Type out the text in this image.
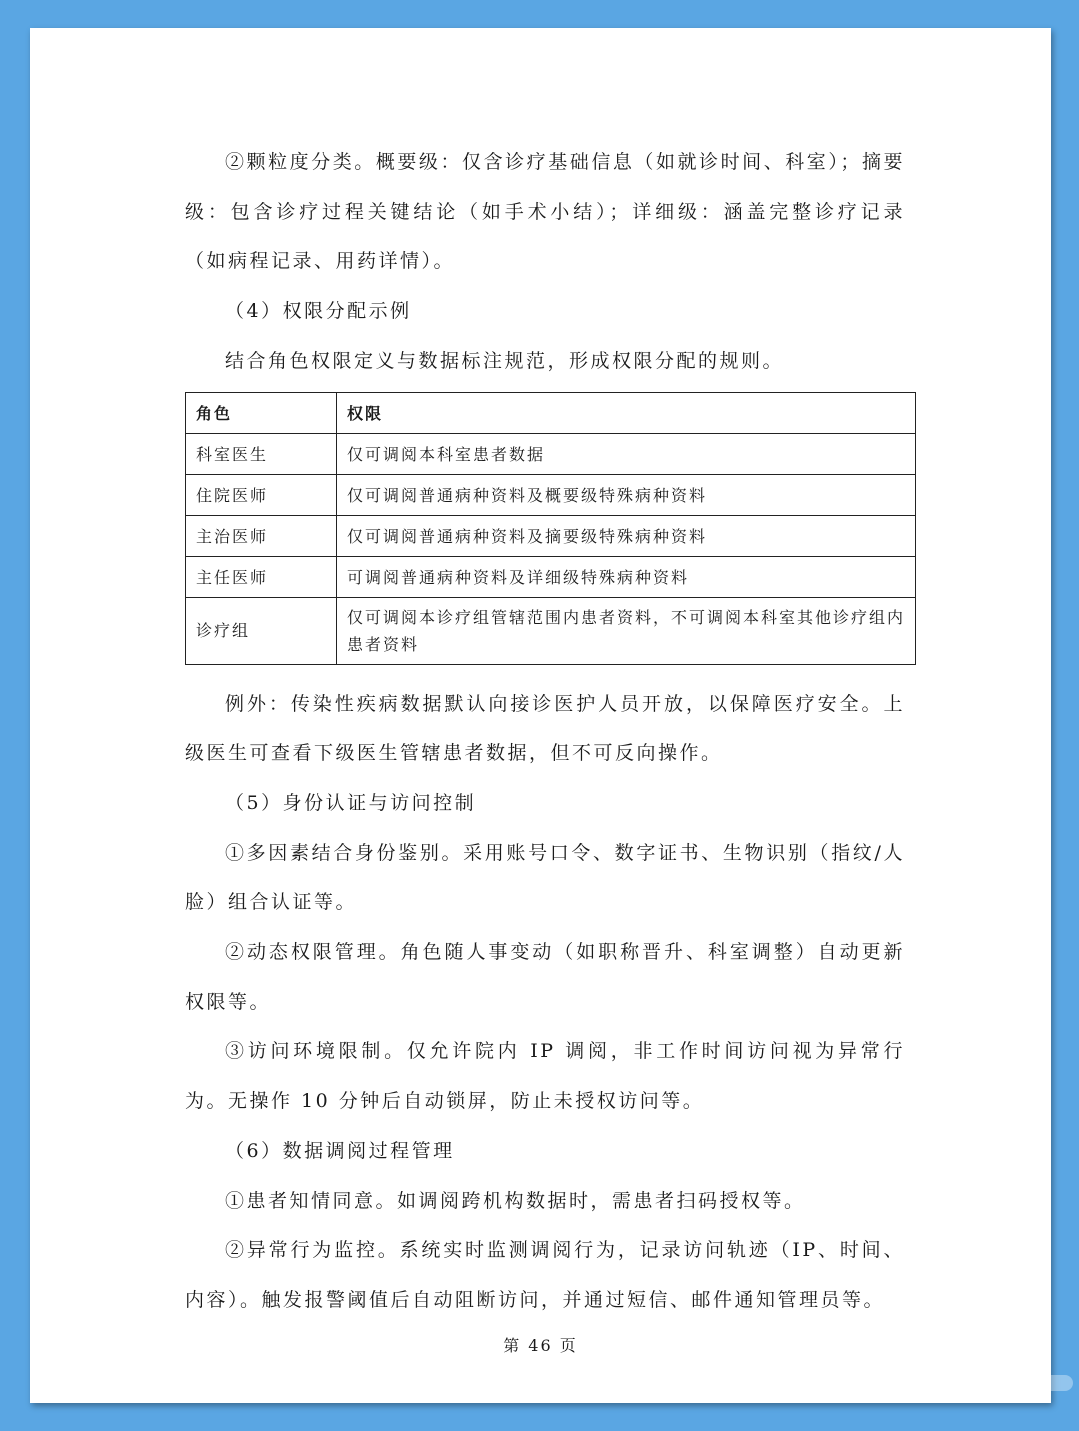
②颗粒度分类。概要级：仅含诊疗基础信息（如就诊时间、科室）；摘要级：包含诊疗过程关键结论（如手术小结）；详细级：涵盖完整诊疗记录（如病程记录、用药详情）。

（4）权限分配示例

结合角色权限定义与数据标注规范，形成权限分配的规则。

角色	权限
科室医生	仅可调阅本科室患者数据
住院医师	仅可调阅普通病种资料及概要级特殊病种资料
主治医师	仅可调阅普通病种资料及摘要级特殊病种资料
主任医师	可调阅普通病种资料及详细级特殊病种资料
诊疗组	仅可调阅本诊疗组管辖范围内患者资料，不可调阅本科室其他诊疗组内患者资料

例外：传染性疾病数据默认向接诊医护人员开放，以保障医疗安全。上级医生可查看下级医生管辖患者数据，但不可反向操作。

（5）身份认证与访问控制

①多因素结合身份鉴别。采用账号口令、数字证书、生物识别（指纹/人脸）组合认证等。

②动态权限管理。角色随人事变动（如职称晋升、科室调整）自动更新权限等。

③访问环境限制。仅允许院内 IP 调阅，非工作时间访问视为异常行为。无操作 10 分钟后自动锁屏，防止未授权访问等。

（6）数据调阅过程管理

①患者知情同意。如调阅跨机构数据时，需患者扫码授权等。

②异常行为监控。系统实时监测调阅行为，记录访问轨迹（IP、时间、内容）。触发报警阈值后自动阻断访问，并通过短信、邮件通知管理员等。

第 46 页
